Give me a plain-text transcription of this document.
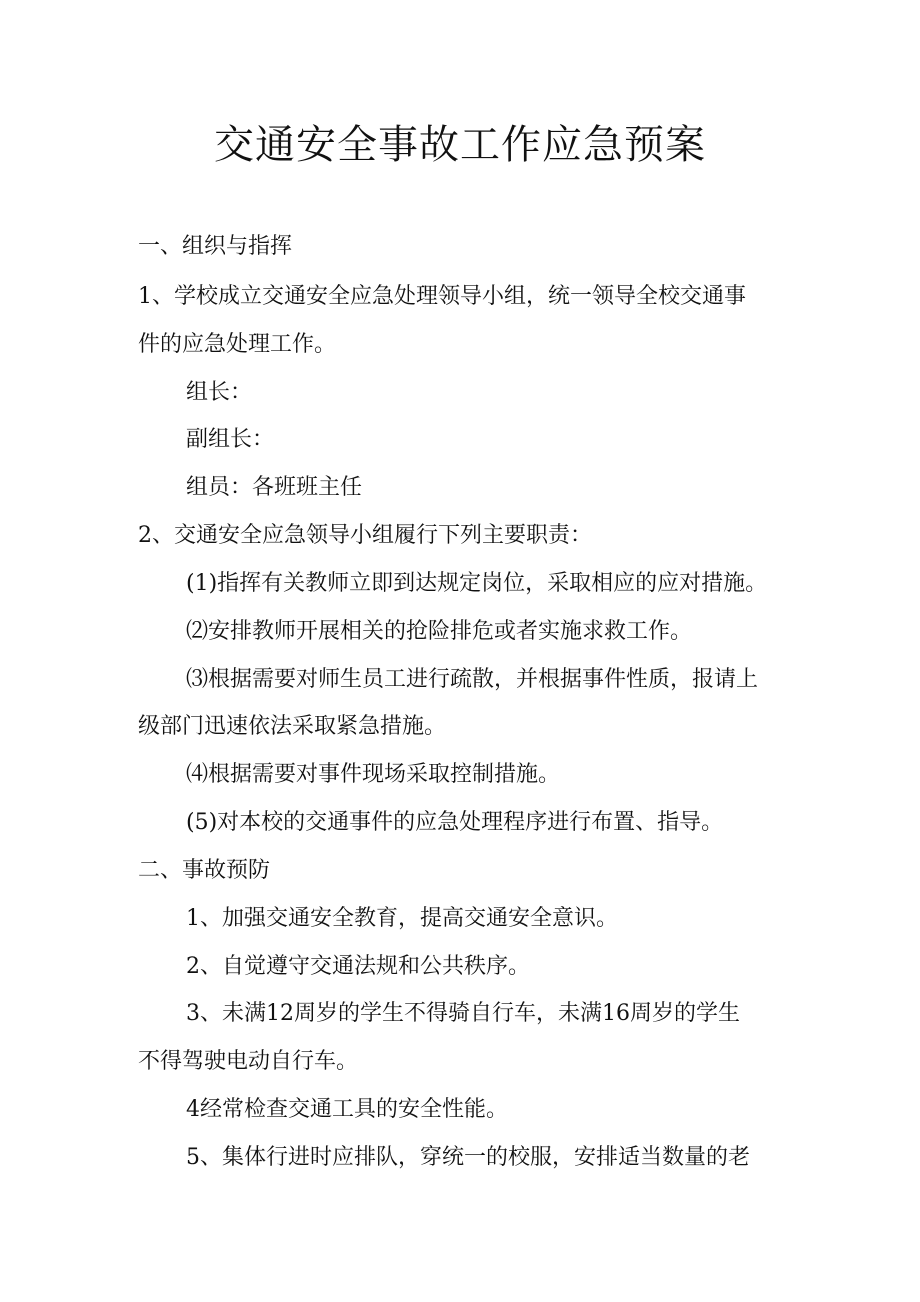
交通安全事故工作应急预案
一、组织与指挥
1、学校成立交通安全应急处理领导小组，统一领导全校交通事
件的应急处理工作。
组长：
副组长：
组员：各班班主任
2、交通安全应急领导小组履行下列主要职责：
(1)指挥有关教师立即到达规定岗位，采取相应的应对措施。
⑵安排教师开展相关的抢险排危或者实施求救工作。
⑶根据需要对师生员工进行疏散，并根据事件性质，报请上
级部门迅速依法采取紧急措施。
⑷根据需要对事件现场采取控制措施。
(5)对本校的交通事件的应急处理程序进行布置、指导。
二、事故预防
1、加强交通安全教育，提高交通安全意识。
2、自觉遵守交通法规和公共秩序。
3、未满12周岁的学生不得骑自行车，未满16周岁的学生
不得驾驶电动自行车。
4经常检查交通工具的安全性能。
5、集体行进时应排队，穿统一的校服，安排适当数量的老
